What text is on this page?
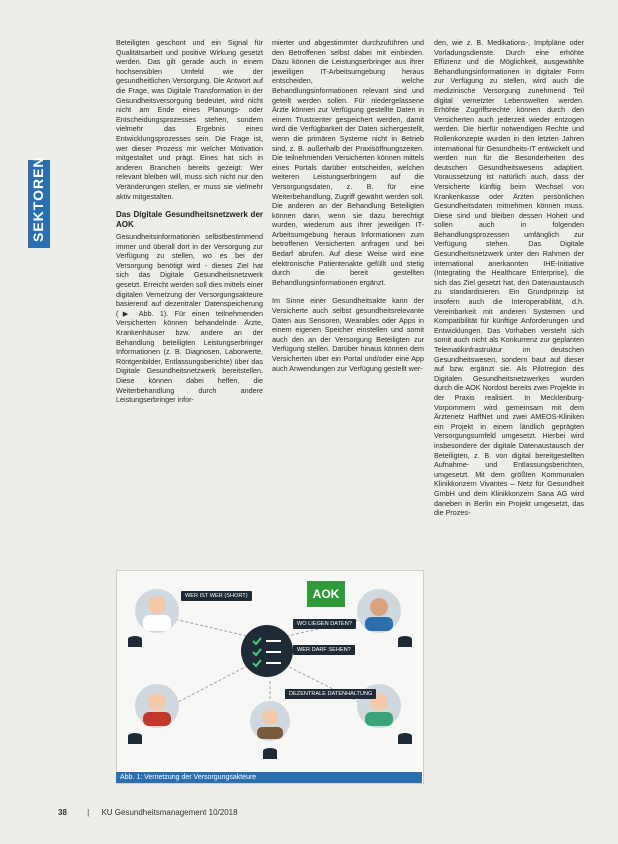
SEKTOREN

Beteiligten geschont und ein Signal für Qualitätsarbeit und positive Wirkung gesetzt werden. Das gilt gerade auch in einem hochsensiblen Umfeld wie der gesundheitlichen Versorgung. Die Antwort auf die Frage, was Digitale Transformation in der Gesundheitsversorgung bedeutet, wird nicht nicht am Ende eines Planungs- oder Entscheidungsprozesses stehen, sondern vielmehr das Ergebnis eines Entwicklungsprozesses sein. Die Frage ist, wer dieser Prozess mir welcher Motivation mitgestaltet und prägt. Eines hat sich in anderen Branchen bereits gezeigt: Wer relevant bleiben will, muss sich nicht nur den Veränderungen stellen, er muss sie vielmehr aktiv mitgestalten.

Das Digitale Gesundheitsnetzwerk der AOK

Gesundheitsinformationen selbstbestimmend immer und überall dort in der Versorgung zur Verfügung zu stellen, wo es bei der Versorgung benötigt wird - dieses Ziel hat sich das Digitale Gesundheitsnetzwerk gesetzt. Erreicht werden soll dies mittels einer digitalen Vernetzung der Versorgungsakteure basierend auf dezentraler Datenspeicherung (▶ Abb. 1). Für einen teilnehmenden Versicherten können behandelnde Ärzte, Krankenhäuser bzw. andere an der Behandlung beteiligten Leistungserbringer Informationen (z. B. Diagnosen, Laborwerte, Röntgenbilder, Entlassungsberichte) über das Digitale Gesundheitsnetzwerk bereitstellen. Diese können dabei helfen, die Weiterbehandlung durch andere Leistungserbringer infor-

mierter und abgestimmter durchzuführen und den Betroffenen selbst dabei mit einbinden. Dazu können die Leistungserbringer aus ihrer jeweiligen IT-Arbeitsumgebung heraus entscheiden, welche Behandlungsinformationen relevant sind und geteilt werden sollen. Für niedergelassene Ärzte können zur Verfügung gestellte Daten in einem Trustcenter gespeichert werden, damit wird die Verfügbarkeit der Daten sichergestellt, wenn die primären Systeme nicht in Betrieb sind, z. B. außerhalb der Praxisöffnungszeiten. Die teilnehmenden Versicherten können mittels eines Portals darüber entscheiden, welchen weiteren Leistungserbringern auf die Versorgungsdaten, z. B. für eine Weiterbehandlung, Zugriff gewährt werden soll. Die anderen an der Behandlung Beteiligten können dann, wenn sie dazu berechtigt wurden, wiederum aus ihrer jeweiligen IT-Arbeitsumgebung heraus Informationen zum betroffenen Versicherten anfragen und bei Bedarf abrufen. Auf diese Weise wird eine elektronische Patientenakte gefüllt und stetig durch die bereit gestellten Behandlungsinformationen ergänzt.

Im Sinne einer Gesundheitsakte kann der Versicherte auch selbst gesundheitsrelevante Daten aus Sensoren, Wearables oder Apps in einem eigenen Speicher einstellen und somit auch den an der Versorgung Beteiligten zur Verfügung stellen. Darüber hinaus können dem Versicherten über ein Portal und/oder eine App auch Anwendungen zur Verfügung gestellt wer-

den, wie z. B. Medikations-, Impfpläne oder Vorladungsdienste. Durch eine erhöhte Effizienz und die Möglichkeit, ausgewählte Behandlungsinformationen in digitaler Form zur Verfügung zu stellen, wird auch die medizinische Versorgung zunehmend Teil digital vernetzter Lebenswelten werden. Erhöhte Zugriffsrechte können durch den Versicherten auch jederzeit wieder entzogen werden. Die hierfür notwendigen Rechte und Rollenkonzepte wurden in den letzten Jahren international für Gesundheits-IT entwickelt und werden nun für die Besonderheiten des deutschen Gesundheitswesens adaptiert. Voraussetzung ist natürlich auch, dass der Versicherte künftig beim Wechsel von Krankenkasse oder Ärzten persönlichen Gesundheitsdaten mitnehmen können muss. Diese sind und bleiben dessen Hoheit und sollen auch in folgenden Behandlungsprozessen umfänglich zur Verfügung stehen. Das Digitale Gesundheitsnetzwerk unter den Rahmen der international anerkannten IHE-Initiative (Integrating the Healthcare Enterprise), die sich das Ziel gesetzt hat, den Datenaustausch zu standardisieren. Ein Grundprinzip ist insofern auch die Interoperabilität, d.h. Vereinbarkeit mit anderen Systemen und Kompatibilität für künftige Anforderungen und Entwicklungen. Das Vorhaben versteht sich somit auch nicht als Konkurrenz zur geplanten Telematikinfrastruktur im deutschen Gesundheitswesen, sondern baut auf dieser auf bzw. ergänzt sie. Als Pilotregion des Digitalen Gesundheitsnetzwerkes wurden durch die AOK Nordost bereits zwei Projekte in der Praxis realisiert. In Mecklenburg-Vorpommern wird gemeinsam mit dem Ärztenetz HaffNet und zwei AMEOS-Kliniken ein Projekt in einem ländlich geprägten Versorgungsumfeld umgesetzt. Hierbei wird insbesondere der digitale Datenaustausch der Beteiligten, z. B. von digital bereitgestellten Aufnahme- und Entlassungsberichten, umgesetzt. Mit dem größten Kommunalen Klinikkonzern Vivantes – Netz für Gesundheit GmbH und dem Klinikkonzern Sana AG wird daneben in Berlin ein Projekt umgesetzt, das die Prozes-

AOK
WER IST WER (SHORT)
WO LIEGEN DATEN?
WER DARF SEHEN?
DEZENTRALE DATENHALTUNG
Abb. 1: Vernetzung der Versorgungsakteure
38	| KU Gesundheitsmanagement 10/2018
